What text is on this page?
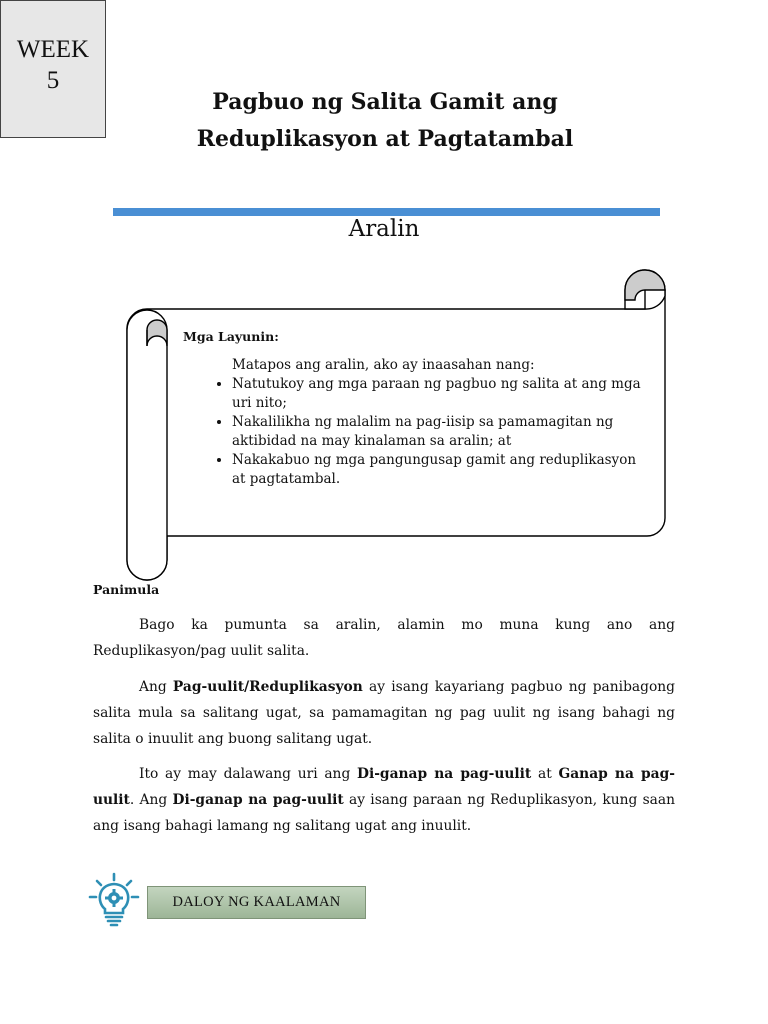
WEEK
5
Pagbuo ng Salita Gamit ang
Reduplikasyon at Pagtatambal
Aralin
Mga Layunin:
Matapos ang aralin, ako ay inaasahan nang:
• Natutukoy ang mga paraan ng pagbuo ng salita at ang mga uri nito;
• Nakalilikha ng malalim na pag-iisip sa pamamagitan ng aktibidad na may kinalaman sa aralin; at
• Nakakabuo ng mga pangungusap gamit ang reduplikasyon at pagtatambal.
Panimula

Bago ka pumunta sa aralin, alamin mo muna kung ano ang Reduplikasyon/pag uulit salita.

Ang Pag-uulit/Reduplikasyon ay isang kayariang pagbuo ng panibagong salita mula sa salitang ugat, sa pamamagitan ng pag uulit ng isang bahagi ng salita o inuulit ang buong salitang ugat.

Ito ay may dalawang uri ang Di-ganap na pag-uulit at Ganap na pag-uulit. Ang Di-ganap na pag-uulit ay isang paraan ng Reduplikasyon, kung saan ang isang bahagi lamang ng salitang ugat ang inuulit.

DALOY NG KAALAMAN
